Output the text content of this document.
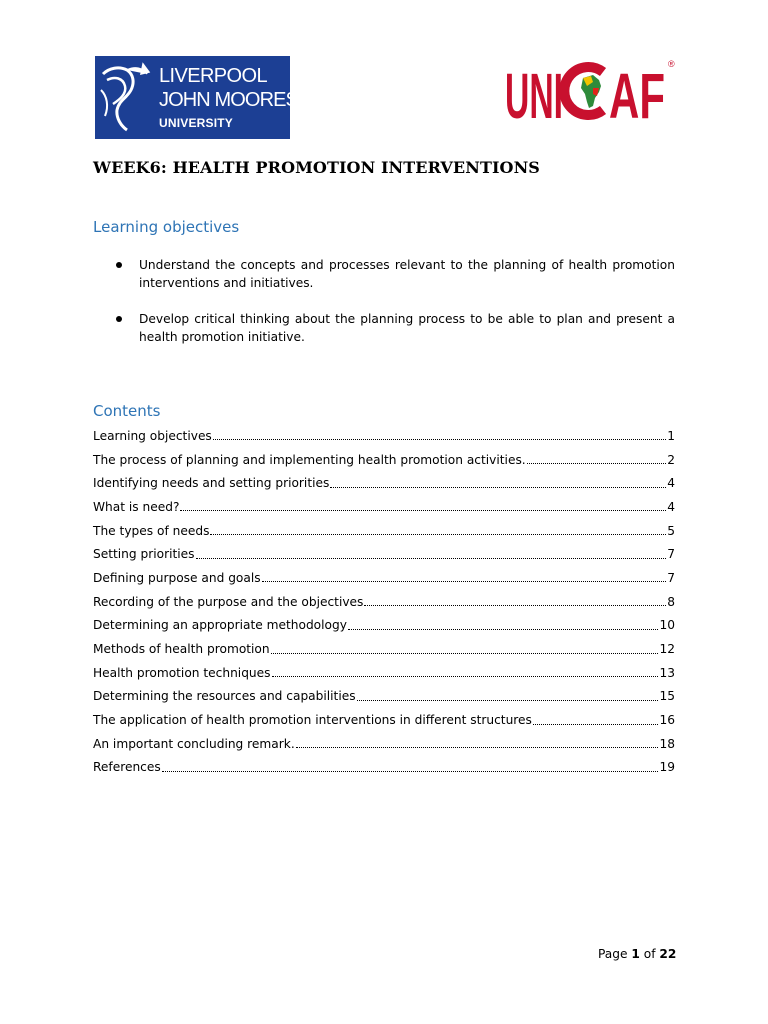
LIVERPOOL
JOHN MOORES
UNIVERSITY	UNI AF ®
WEEK6: HEALTH PROMOTION INTERVENTIONS
Learning objectives
Understand the concepts and processes relevant to the planning of health promotion interventions and initiatives.
Develop critical thinking about the planning process to be able to plan and present a health promotion initiative.
Contents
Learning objectives	1
The process of planning and implementing health promotion activities.	2
Identifying needs and setting priorities	4
What is need?	4
The types of needs	5
Setting priorities	7
Defining purpose and goals	7
Recording of the purpose and the objectives	8
Determining an appropriate methodology	10
Methods of health promotion	12
Health promotion techniques	13
Determining the resources and capabilities	15
The application of health promotion interventions in different structures	16
An important concluding remark.	18
References	19
Page 1 of 22
